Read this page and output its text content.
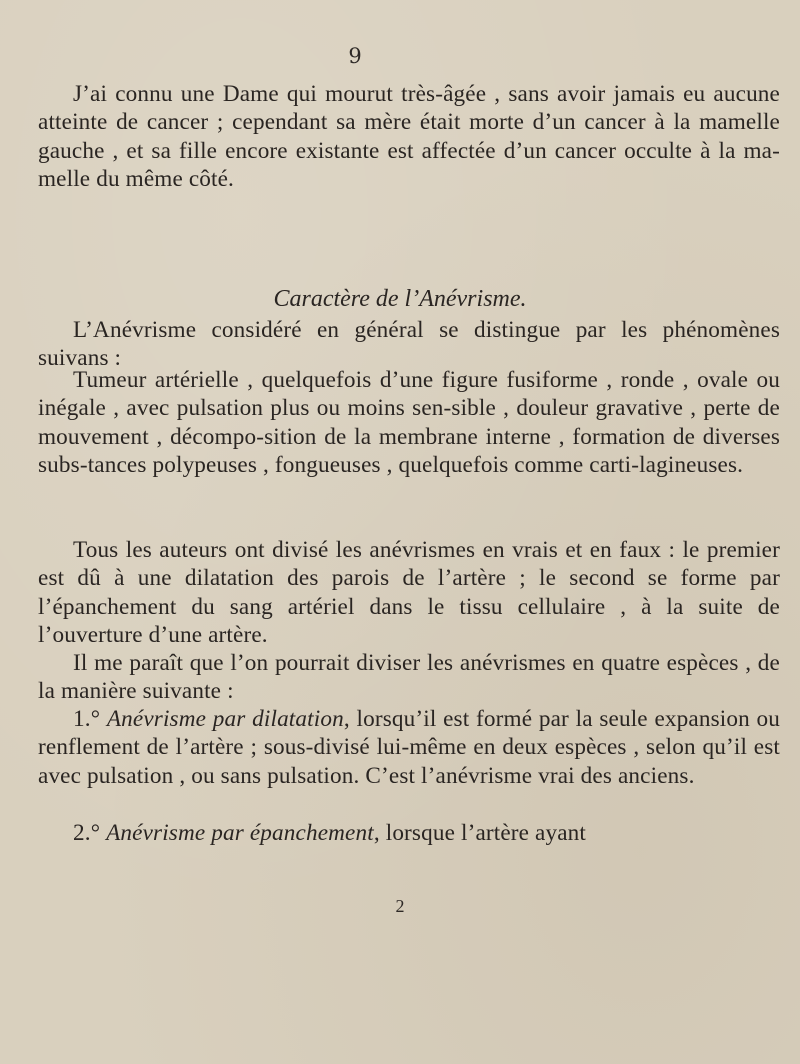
9

J’ai connu une Dame qui mourut très-âgée , sans avoir jamais eu aucune atteinte de cancer ; cependant sa mère était morte d’un cancer à la mamelle gauche , et sa fille encore existante est affectée d’un cancer occulte à la ma-melle du même côté.

Caractère de l’Anévrisme.

L’Anévrisme considéré en général se distingue par les phénomènes suivans :

Tumeur artérielle , quelquefois d’une figure fusiforme , ronde , ovale ou inégale , avec pulsation plus ou moins sen-sible , douleur gravative , perte de mouvement , décompo-sition de la membrane interne , formation de diverses subs-tances polypeuses , fongueuses , quelquefois comme carti-lagineuses.

Tous les auteurs ont divisé les anévrismes en vrais et en faux : le premier est dû à une dilatation des parois de l’artère ; le second se forme par l’épanchement du sang artériel dans le tissu cellulaire , à la suite de l’ouverture d’une artère.

Il me paraît que l’on pourrait diviser les anévrismes en quatre espèces , de la manière suivante :

1.° Anévrisme par dilatation, lorsqu’il est formé par la seule expansion ou renflement de l’artère ; sous-divisé lui-même en deux espèces , selon qu’il est avec pulsation , ou sans pulsation. C’est l’anévrisme vrai des anciens.

2.° Anévrisme par épanchement, lorsque l’artère ayant

2
